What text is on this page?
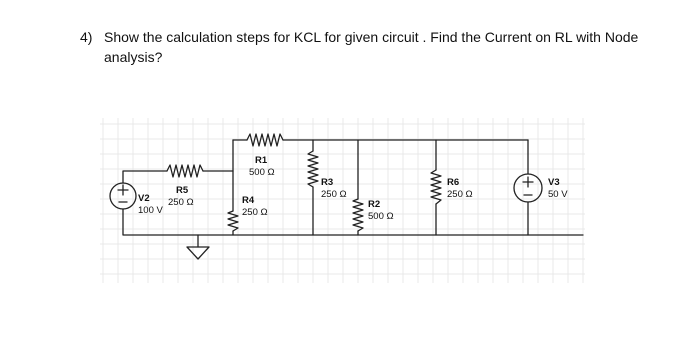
4) Show the calculation steps for KCL for given circuit . Find the Current on RL with Node analysis?
V2
100 V
R5
250 Ω
R1
500 Ω
R4
250 Ω
R3
250 Ω
R2
500 Ω
R6
250 Ω
V3
50 V
